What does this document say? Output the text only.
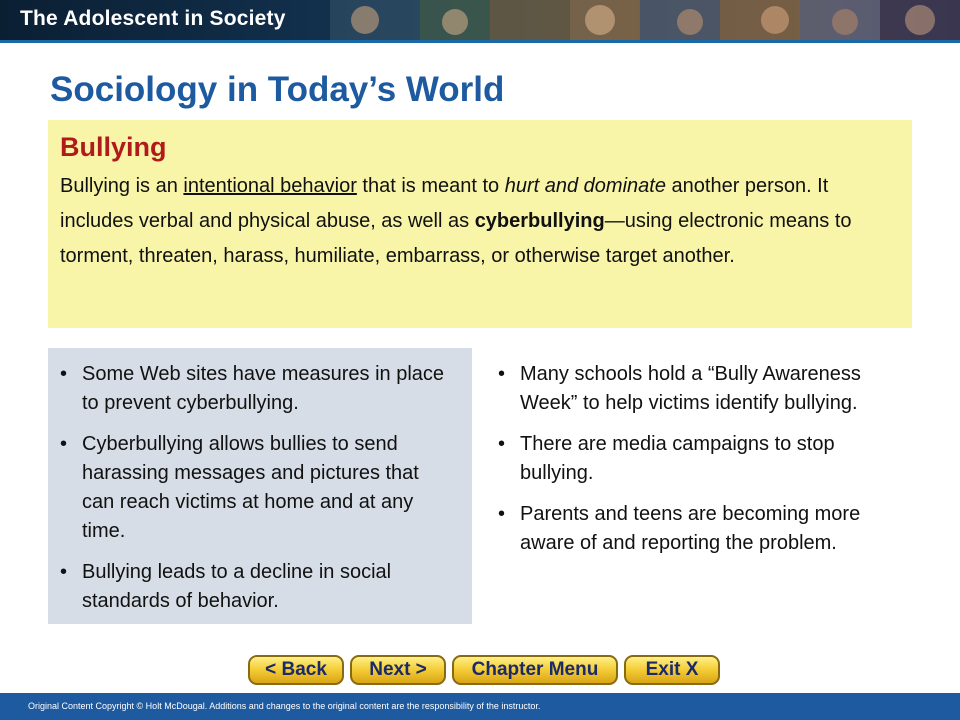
The Adolescent in Society
Sociology in Today’s World
Bullying

Bullying is an intentional behavior that is meant to hurt and dominate another person. It includes verbal and physical abuse, as well as cyberbullying—using electronic means to torment, threaten, harass, humiliate, embarrass, or otherwise target another.

• Some Web sites have measures in place to prevent cyberbullying.
• Cyberbullying allows bullies to send harassing messages and pictures that can reach victims at home and at any time.
• Bullying leads to a decline in social standards of behavior.
• Many schools hold a “Bully Awareness Week” to help victims identify bullying.
• There are media campaigns to stop bullying.
• Parents and teens are becoming more aware of and reporting the problem.
< Back Next > Chapter Menu Exit X
Original Content Copyright © Holt McDougal. Additions and changes to the original content are the responsibility of the instructor.
